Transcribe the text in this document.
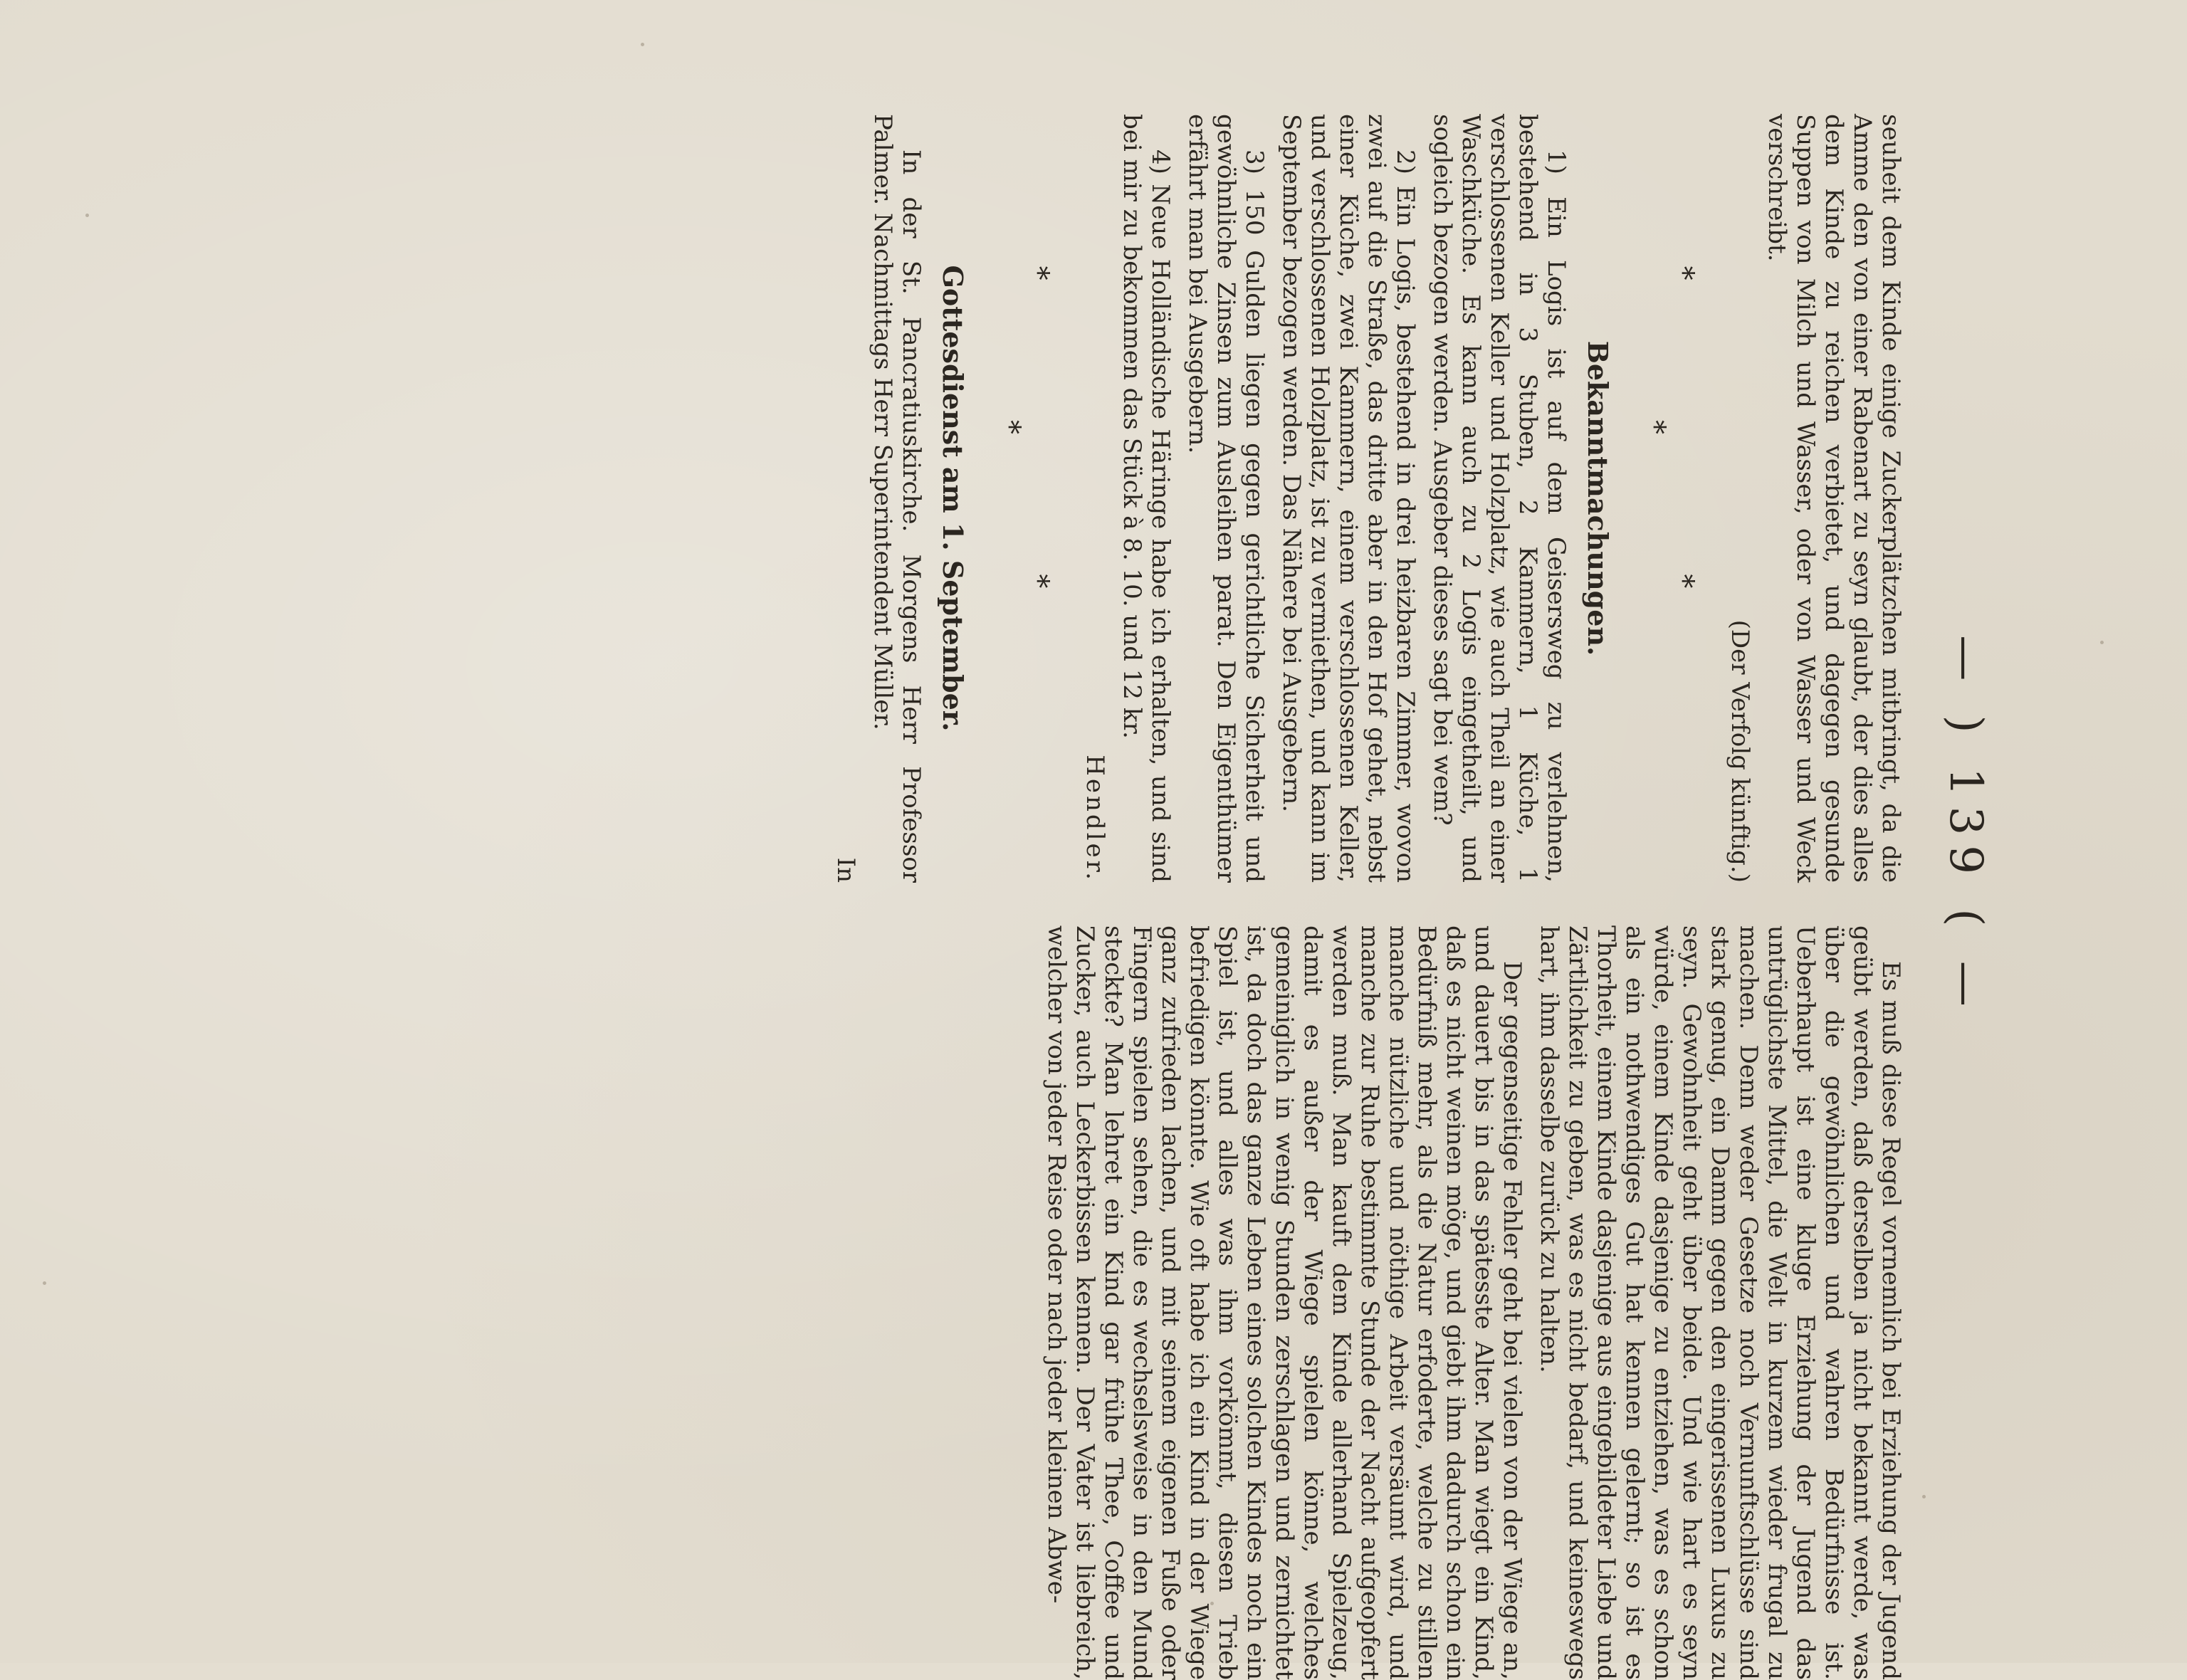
— ) 139 ( —

seuheit dem Kinde einige Zuckerplätzchen mitbringt, da die Amme den von einer Rabenart zu seyn glaubt, der dies alles dem Kinde zu reichen verbietet, und dagegen gesunde Suppen von Milch und Wasser, oder von Wasser und Weck verschreibt.

(Der Verfolg künftig.)

* * *

Bekanntmachungen.

1) Ein Logis ist auf dem Geisersweg zu verlehnen, bestehend in 3 Stuben, 2 Kammern, 1 Küche, 1 verschlossenen Keller und Holzplatz, wie auch Theil an einer Waschküche. Es kann auch zu 2 Logis eingetheilt, und sogleich bezogen werden. Ausgeber dieses sagt bei wem?

2) Ein Logis, bestehend in drei heizbaren Zimmer, wovon zwei auf die Straße, das dritte aber in den Hof gehet, nebst einer Küche, zwei Kammern, einem verschlossenen Keller, und verschlossenen Holzplatz, ist zu vermiethen, und kann im September bezogen werden. Das Nähere bei Ausgebern.

3) 150 Gulden liegen gegen gerichtliche Sicherheit und gewöhnliche Zinsen zum Ausleihen parat. Den Eigenthümer erfährt man bei Ausgebern.

4) Neue Holländische Häringe habe ich erhalten, und sind bei mir zu bekommen das Stück à 8. 10. und 12 kr.

Hendler.

* * *

Gottesdienst am 1. September.

In der St. Pancratiuskirche. Morgens Herr Professor Palmer. Nachmittags Herr Superintendent Müller.

In

Es muß diese Regel vornemlich bei Erziehung der Jugend geübt werden, daß derselben ja nicht bekannt werde, was über die gewöhnlichen und wahren Bedürfnisse ist. Ueberhaupt ist eine kluge Erziehung der Jugend das untrüglichste Mittel, die Welt in kurzem wieder frugal zu machen. Denn weder Gesetze noch Vernunftschlüsse sind stark genug, ein Damm gegen den eingerissenen Luxus zu seyn. Gewohnheit geht über beide. Und wie hart es seyn würde, einem Kinde dasjenige zu entziehen, was es schon als ein nothwendiges Gut hat kennen gelernt; so ist es Thorheit, einem Kinde dasjenige aus eingebildeter Liebe und Zärtlichkeit zu geben, was es nicht bedarf, und keineswegs hart, ihm dasselbe zurück zu halten.

Der gegenseitige Fehler geht bei vielen von der Wiege an, und dauert bis in das spätesste Alter. Man wiegt ein Kind, daß es nicht weinen möge, und giebt ihm dadurch schon ein Bedürfniß mehr, als die Natur erfoderte, welche zu stillen manche nützliche und nöthige Arbeit versäumt wird, und manche zur Ruhe bestimmte Stunde der Nacht aufgeopfert werden muß. Man kauft dem Kinde allerhand Spielzeug, damit es außer der Wiege spielen könne, welches gemeiniglich in wenig Stunden zerschlagen und zernichtet ist, da doch das ganze Leben eines solchen Kindes noch ein Spiel ist, und alles was ihm vorkömmt, diesen Trieb befriedigen könnte. Wie oft habe ich ein Kind in der Wiege ganz zufrieden lachen, und mit seinem eigenen Fuße oder Fingern spielen sehen, die es wechselsweise in den Mund steckte? Man lehret ein Kind gar frühe Thee, Coffee und Zucker, auch Leckerbissen kennen. Der Vater ist liebreich, welcher von jeder Reise oder nach jeder kleinen Abwe-
